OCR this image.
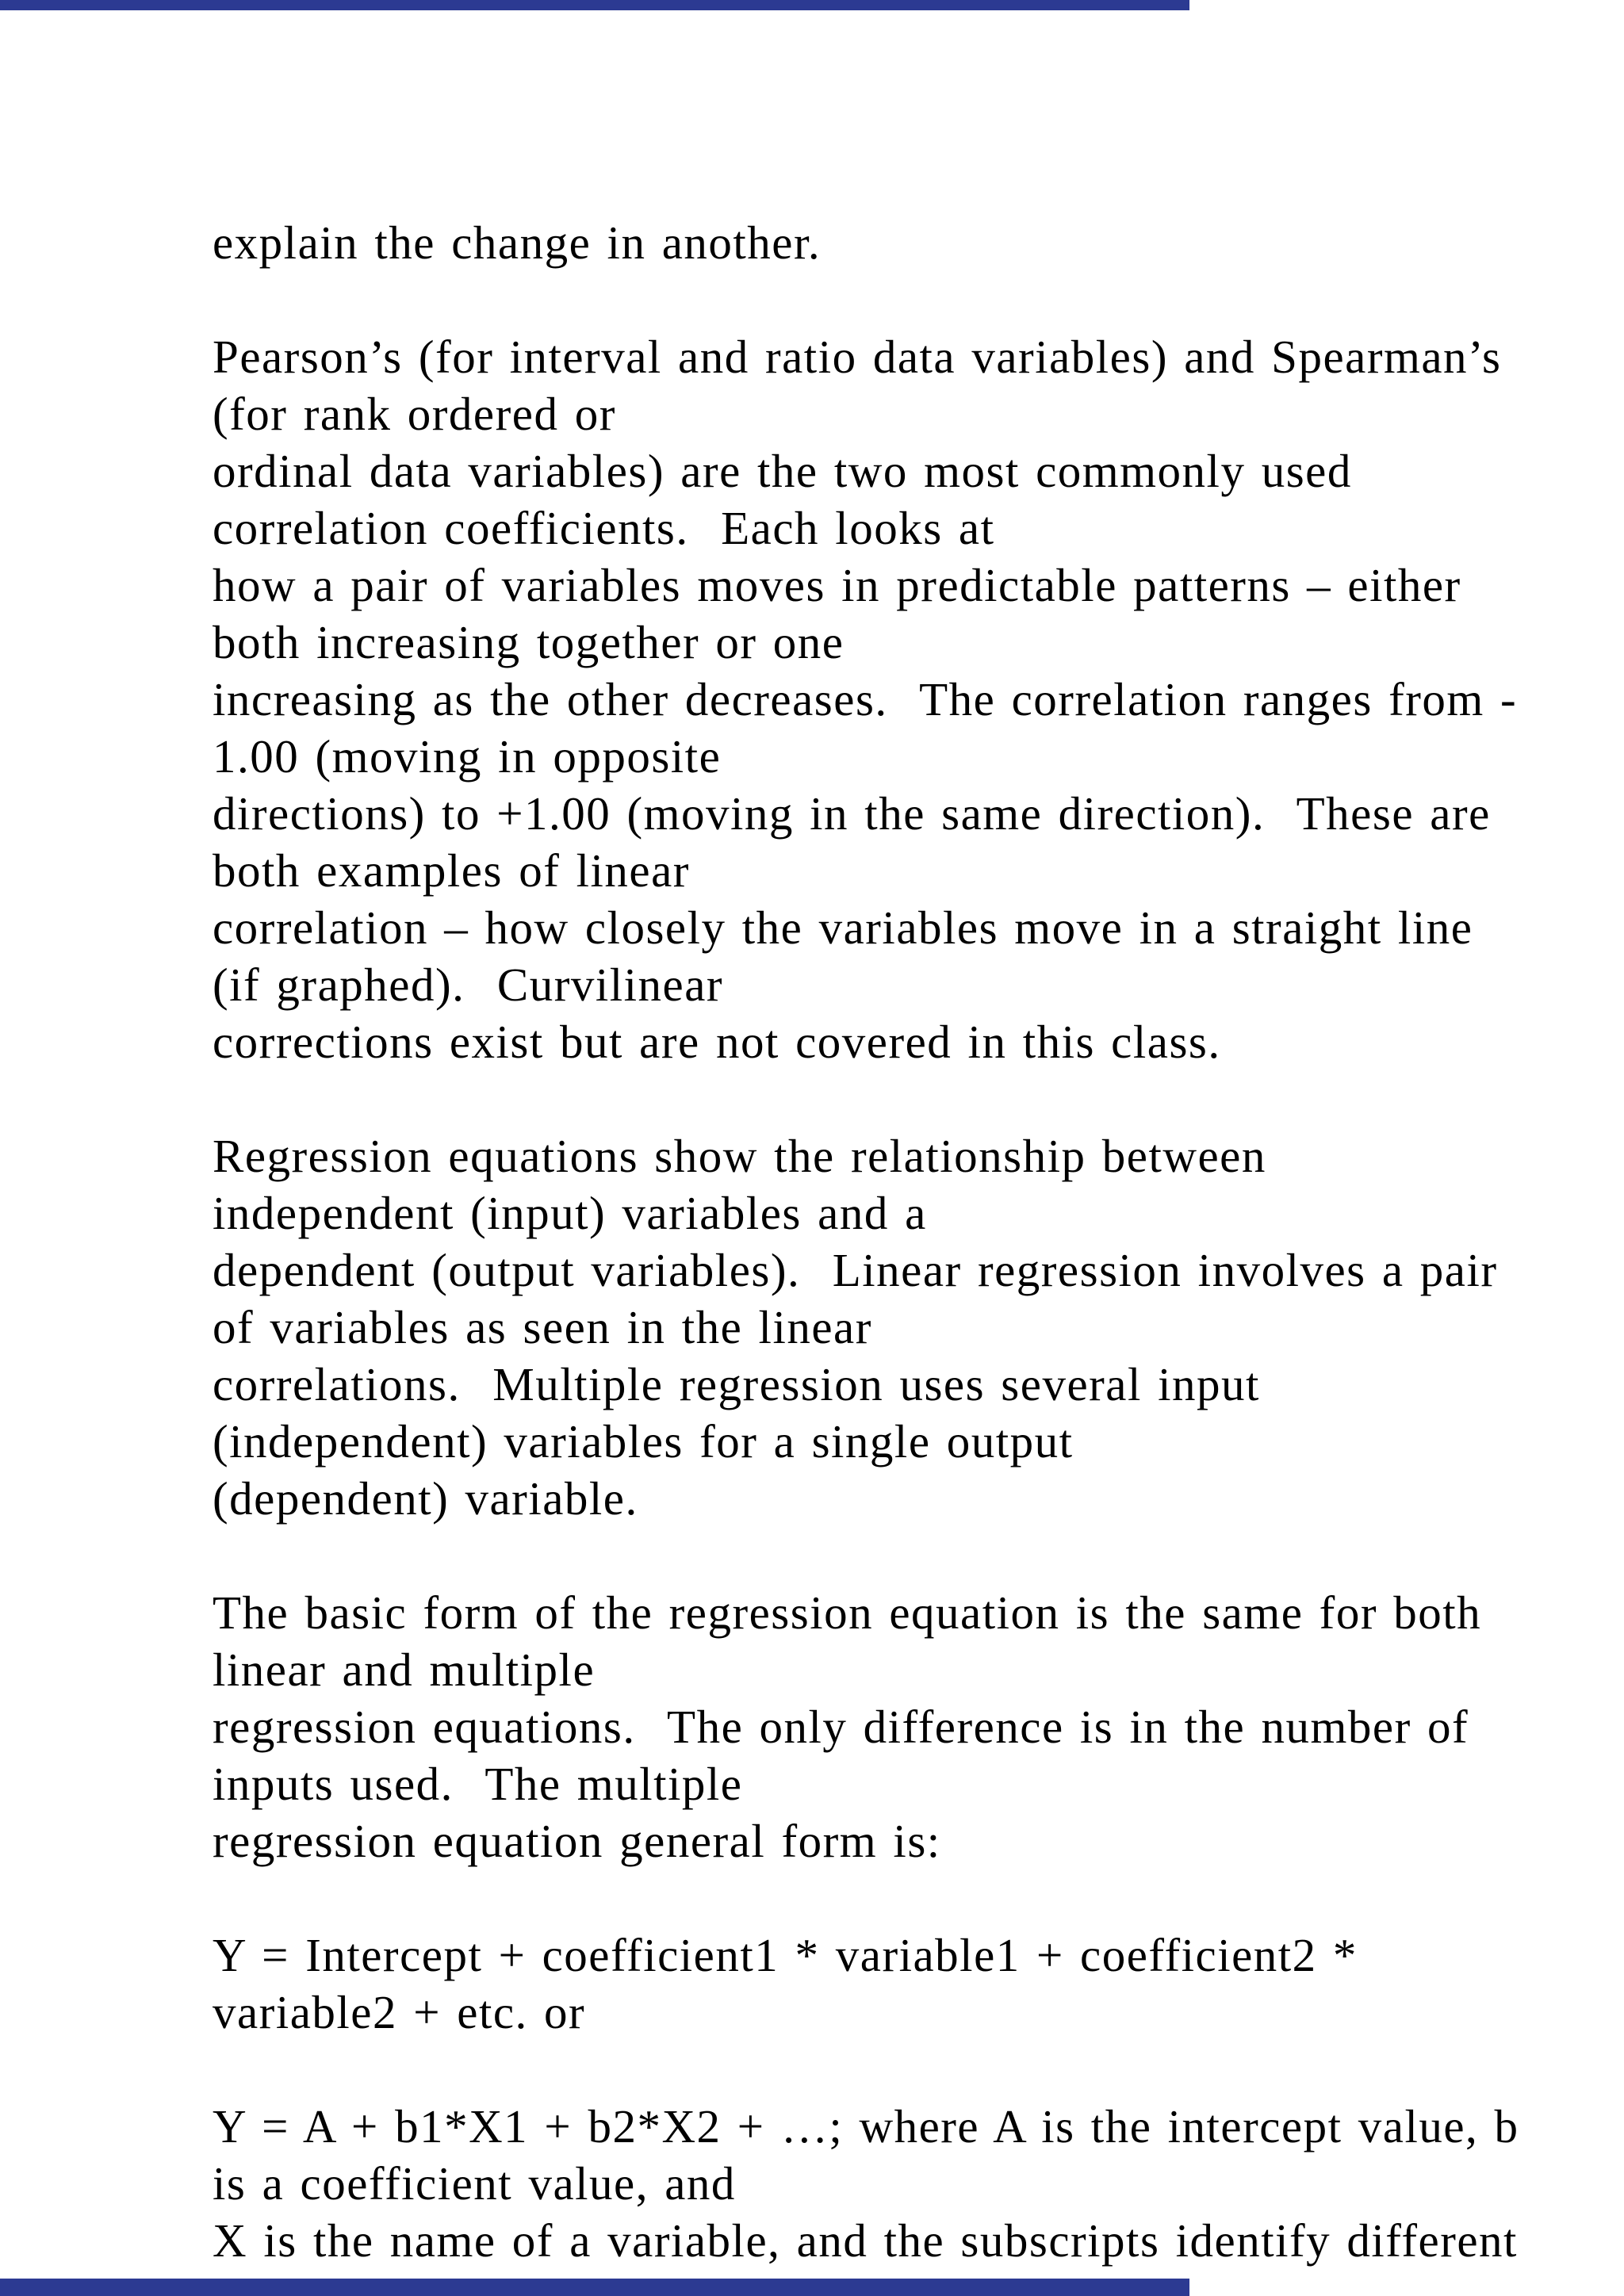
explain the change in another.
Pearson’s (for interval and ratio data variables) and Spearman’s
(for rank ordered or
ordinal data variables) are the two most commonly used
correlation coefficients.  Each looks at
how a pair of variables moves in predictable patterns – either
both increasing together or one
increasing as the other decreases.  The correlation ranges from -
1.00 (moving in opposite
directions) to +1.00 (moving in the same direction).  These are
both examples of linear
correlation – how closely the variables move in a straight line
(if graphed).  Curvilinear
corrections exist but are not covered in this class.
Regression equations show the relationship between
independent (input) variables and a
dependent (output variables).  Linear regression involves a pair
of variables as seen in the linear
correlations.  Multiple regression uses several input
(independent) variables for a single output
(dependent) variable.
The basic form of the regression equation is the same for both
linear and multiple
regression equations.  The only difference is in the number of
inputs used.  The multiple
regression equation general form is:
Y = Intercept + coefficient1 * variable1 + coefficient2 *
variable2 + etc. or
Y = A + b1*X1 + b2*X2 + …; where A is the intercept value, b
is a coefficient value, and
X is the name of a variable, and the subscripts identify different
